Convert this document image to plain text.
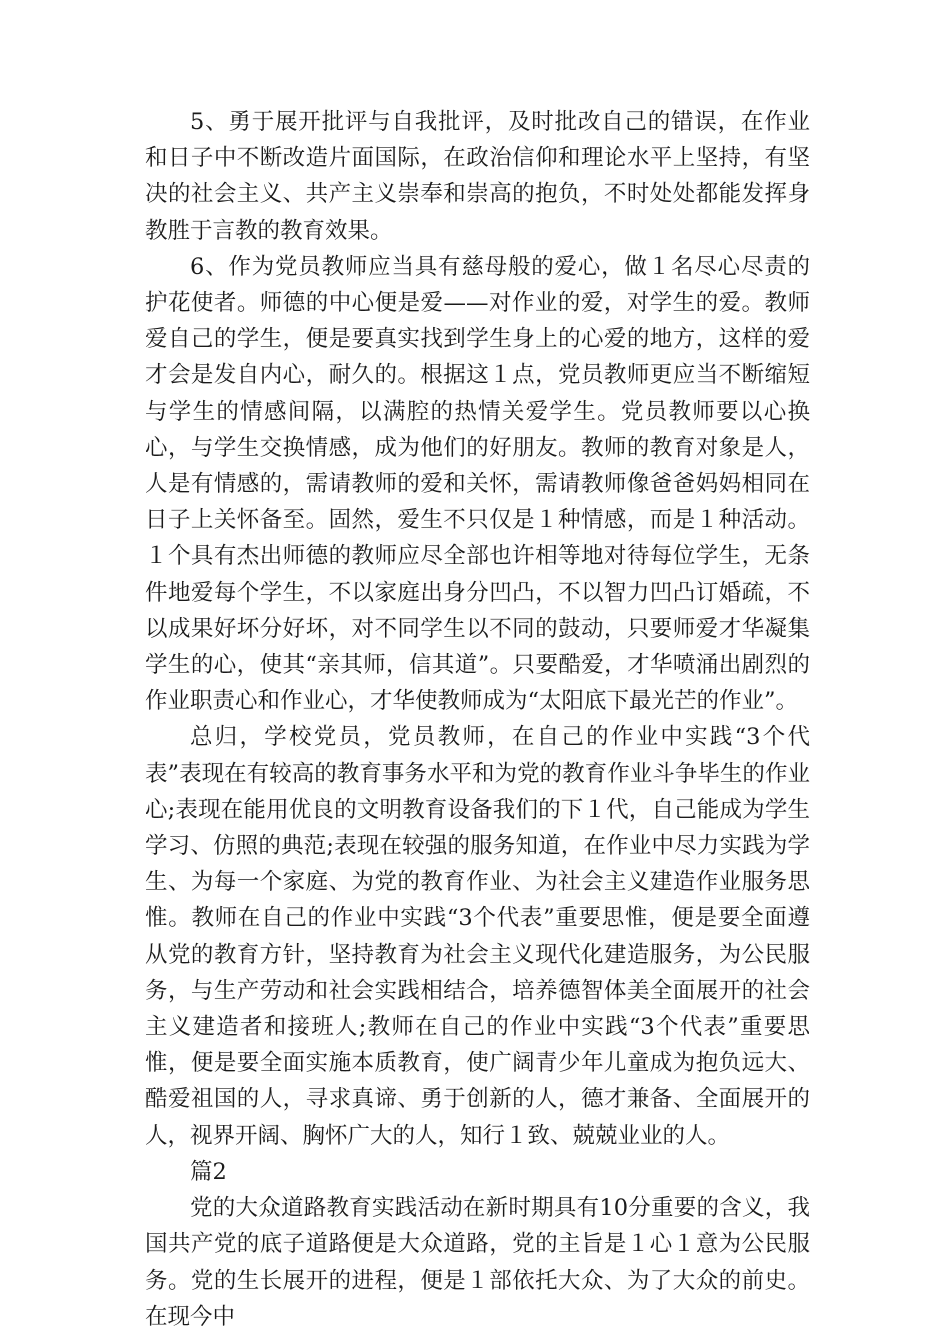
5、勇于展开批评与自我批评，及时批改自己的错误，在作业和日子中不断改造片面国际，在政治信仰和理论水平上坚持，有坚决的社会主义、共产主义崇奉和崇高的抱负，不时处处都能发挥身教胜于言教的教育效果。

6、作为党员教师应当具有慈母般的爱心，做１名尽心尽责的护花使者。师德的中心便是爱——对作业的爱，对学生的爱。教师爱自己的学生，便是要真实找到学生身上的心爱的地方，这样的爱才会是发自内心，耐久的。根据这１点，党员教师更应当不断缩短与学生的情感间隔，以满腔的热情关爱学生。党员教师要以心换心，与学生交换情感，成为他们的好朋友。教师的教育对象是人，人是有情感的，需请教师的爱和关怀，需请教师像爸爸妈妈相同在日子上关怀备至。固然，爱生不只仅是１种情感，而是１种活动。１个具有杰出师德的教师应尽全部也许相等地对待每位学生，无条件地爱每个学生，不以家庭出身分凹凸，不以智力凹凸订婚疏，不以成果好坏分好坏，对不同学生以不同的鼓动，只要师爱才华凝集学生的心，使其“亲其师，信其道”。只要酷爱，才华喷涌出剧烈的作业职责心和作业心，才华使教师成为“太阳底下最光芒的作业”。

总归，学校党员，党员教师，在自己的作业中实践“3个代表”表现在有较高的教育事务水平和为党的教育作业斗争毕生的作业心;表现在能用优良的文明教育设备我们的下１代，自己能成为学生学习、仿照的典范;表现在较强的服务知道，在作业中尽力实践为学生、为每一个家庭、为党的教育作业、为社会主义建造作业服务思惟。教师在自己的作业中实践“3个代表”重要思惟，便是要全面遵从党的教育方针，坚持教育为社会主义现代化建造服务，为公民服务，与生产劳动和社会实践相结合，培养德智体美全面展开的社会主义建造者和接班人;教师在自己的作业中实践“3个代表”重要思惟，便是要全面实施本质教育，使广阔青少年儿童成为抱负远大、酷爱祖国的人，寻求真谛、勇于创新的人，德才兼备、全面展开的人，视界开阔、胸怀广大的人，知行１致、兢兢业业的人。

篇2

党的大众道路教育实践活动在新时期具有10分重要的含义，我国共产党的底子道路便是大众道路，党的主旨是１心１意为公民服务。党的生长展开的进程，便是１部依托大众、为了大众的前史。在现今中
